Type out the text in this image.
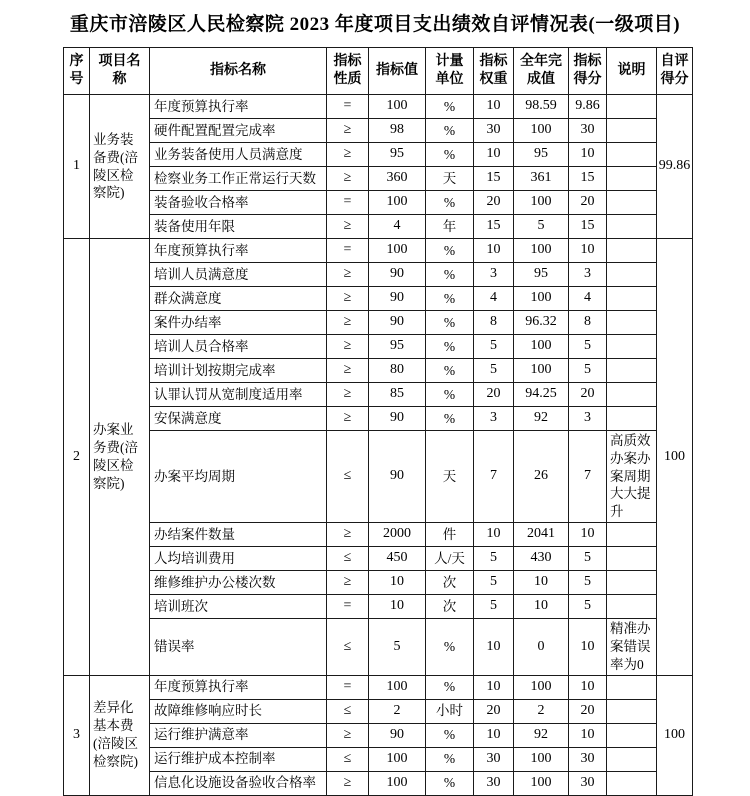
重庆市涪陵区人民检察院 2023 年度项目支出绩效自评情况表(一级项目)
序号	项目名称	指标名称	指标性质	指标值	计量单位	指标权重	全年完成值	指标得分	说明	自评得分
1	业务装备费(涪陵区检察院)	年度预算执行率	=	100	%	10	98.59	9.86		99.86
		硬件配置配置完成率	≥	98	%	30	100	30		
		业务装备使用人员满意度	≥	95	%	10	95	10		
		检察业务工作正常运行天数	≥	360	天	15	361	15		
		装备验收合格率	=	100	%	20	100	20		
		装备使用年限	≥	4	年	15	5	15		
2	办案业务费(涪陵区检察院)	年度预算执行率	=	100	%	10	100	10		100
		培训人员满意度	≥	90	%	3	95	3		
		群众满意度	≥	90	%	4	100	4		
		案件办结率	≥	90	%	8	96.32	8		
		培训人员合格率	≥	95	%	5	100	5		
		培训计划按期完成率	≥	80	%	5	100	5		
		认罪认罚从宽制度适用率	≥	85	%	20	94.25	20		
		安保满意度	≥	90	%	3	92	3		
		办案平均周期	≤	90	天	7	26	7	高质效办案办案周期大大提升	
		办结案件数量	≥	2000	件	10	2041	10		
		人均培训费用	≤	450	人/天	5	430	5		
		维修维护办公楼次数	≥	10	次	5	10	5		
		培训班次	=	10	次	5	10	5		
		错误率	≤	5	%	10	0	10	精准办案错误率为0	
3	差异化基本费(涪陵区检察院)	年度预算执行率	=	100	%	10	100	10		100
		故障维修响应时长	≤	2	小时	20	2	20		
		运行维护满意率	≥	90	%	10	92	10		
		运行维护成本控制率	≤	100	%	30	100	30		
		信息化设施设备验收合格率	≥	100	%	30	100	30		
